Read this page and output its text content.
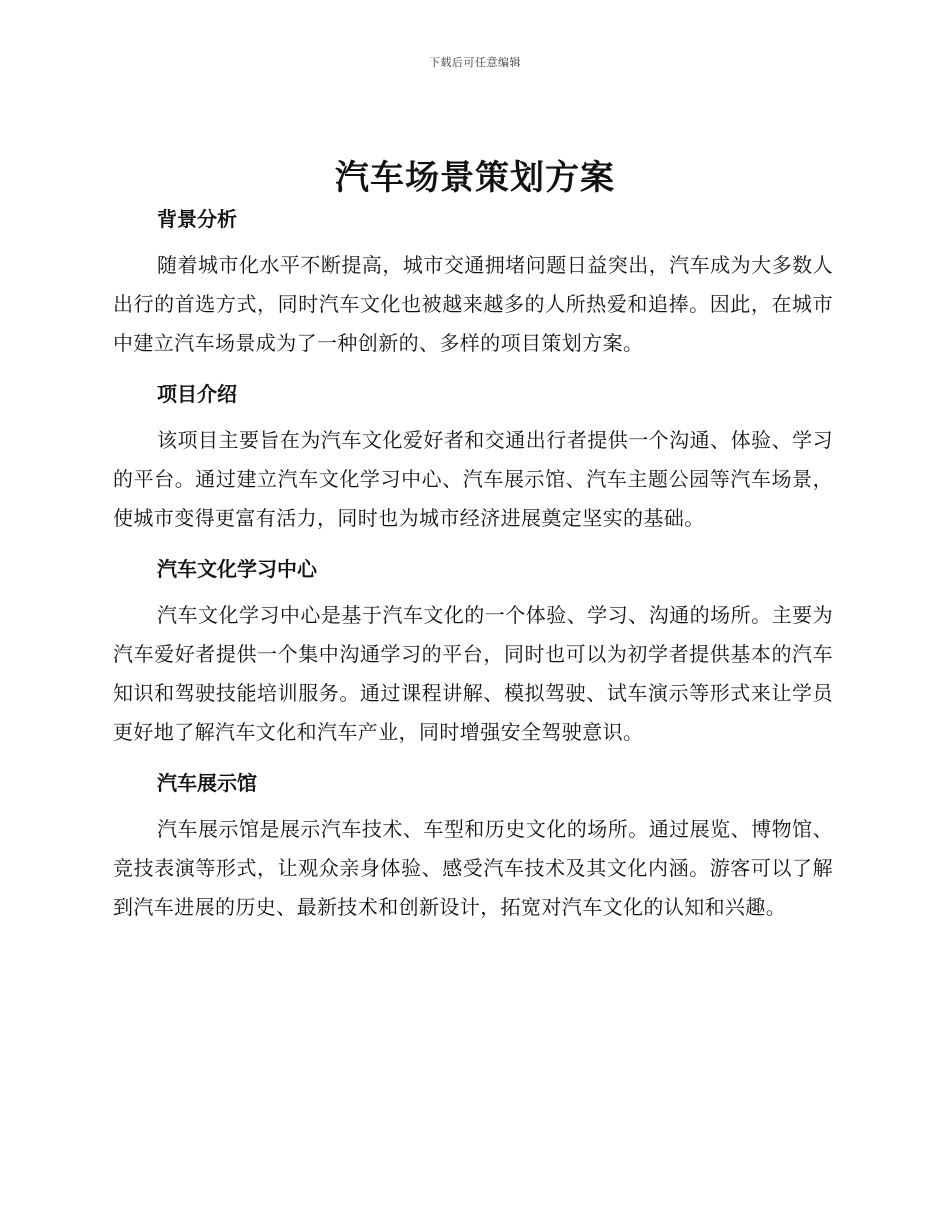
下载后可任意编辑
汽车场景策划方案
背景分析

随着城市化水平不断提高，城市交通拥堵问题日益突出，汽车成为大多数人出行的首选方式，同时汽车文化也被越来越多的人所热爱和追捧。因此，在城市中建立汽车场景成为了一种创新的、多样的项目策划方案。

项目介绍

该项目主要旨在为汽车文化爱好者和交通出行者提供一个沟通、体验、学习的平台。通过建立汽车文化学习中心、汽车展示馆、汽车主题公园等汽车场景，使城市变得更富有活力，同时也为城市经济进展奠定坚实的基础。

汽车文化学习中心

汽车文化学习中心是基于汽车文化的一个体验、学习、沟通的场所。主要为汽车爱好者提供一个集中沟通学习的平台，同时也可以为初学者提供基本的汽车知识和驾驶技能培训服务。通过课程讲解、模拟驾驶、试车演示等形式来让学员更好地了解汽车文化和汽车产业，同时增强安全驾驶意识。

汽车展示馆

汽车展示馆是展示汽车技术、车型和历史文化的场所。通过展览、博物馆、竞技表演等形式，让观众亲身体验、感受汽车技术及其文化内涵。游客可以了解到汽车进展的历史、最新技术和创新设计，拓宽对汽车文化的认知和兴趣。
